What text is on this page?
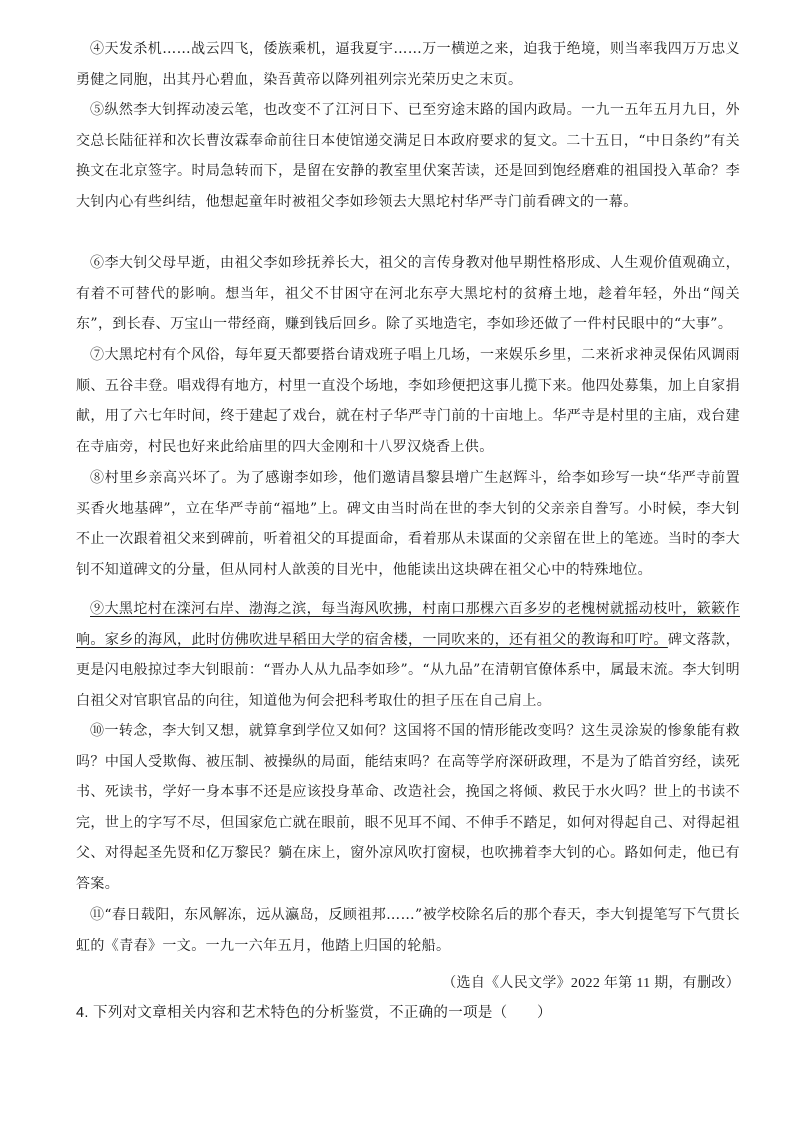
④天发杀机……战云四飞，倭族乘机，逼我夏宇……万一横逆之来，迫我于绝境，则当率我四万万忠义勇健之同胞，出其丹心碧血，染吾黄帝以降列祖列宗光荣历史之末页。

⑤纵然李大钊挥动凌云笔，也改变不了江河日下、已至穷途末路的国内政局。一九一五年五月九日，外交总长陆征祥和次长曹汝霖奉命前往日本使馆递交满足日本政府要求的复文。二十五日，“中日条约”有关换文在北京签字。时局急转而下，是留在安静的教室里伏案苦读，还是回到饱经磨难的祖国投入革命？李大钊内心有些纠结，他想起童年时被祖父李如珍领去大黑坨村华严寺门前看碑文的一幕。

⑥李大钊父母早逝，由祖父李如珍抚养长大，祖父的言传身教对他早期性格形成、人生观价值观确立，有着不可替代的影响。想当年，祖父不甘困守在河北东亭大黑坨村的贫瘠土地，趁着年轻，外出“闯关东”，到长春、万宝山一带经商，赚到钱后回乡。除了买地造宅，李如珍还做了一件村民眼中的“大事”。

⑦大黑坨村有个风俗，每年夏天都要搭台请戏班子唱上几场，一来娱乐乡里，二来祈求神灵保佑风调雨顺、五谷丰登。唱戏得有地方，村里一直没个场地，李如珍便把这事儿揽下来。他四处募集，加上自家捐献，用了六七年时间，终于建起了戏台，就在村子华严寺门前的十亩地上。华严寺是村里的主庙，戏台建在寺庙旁，村民也好来此给庙里的四大金刚和十八罗汉烧香上供。

⑧村里乡亲高兴坏了。为了感谢李如珍，他们邀请昌黎县增广生赵辉斗，给李如珍写一块“华严寺前置买香火地基碑”，立在华严寺前“福地”上。碑文由当时尚在世的李大钊的父亲亲自誊写。小时候，李大钊不止一次跟着祖父来到碑前，听着祖父的耳提面命，看着那从未谋面的父亲留在世上的笔迹。当时的李大钊不知道碑文的分量，但从同村人歆羡的目光中，他能读出这块碑在祖父心中的特殊地位。

⑨大黑坨村在滦河右岸、渤海之滨，每当海风吹拂，村南口那棵六百多岁的老槐树就摇动枝叶，簌簌作响。家乡的海风，此时仿佛吹进早稻田大学的宿舍楼，一同吹来的，还有祖父的教诲和叮咛。碑文落款，更是闪电般掠过李大钊眼前：“晋办人从九品李如珍”。“从九品”在清朝官僚体系中，属最末流。李大钊明白祖父对官职官品的向往，知道他为何会把科考取仕的担子压在自己肩上。

⑩一转念，李大钊又想，就算拿到学位又如何？这国将不国的情形能改变吗？这生灵涂炭的惨象能有救吗？中国人受欺侮、被压制、被操纵的局面，能结束吗？在高等学府深研政理，不是为了皓首穷经，读死书、死读书，学好一身本事不还是应该投身革命、改造社会，挽国之将倾、救民于水火吗？世上的书读不完，世上的字写不尽，但国家危亡就在眼前，眼不见耳不闻、不伸手不踏足，如何对得起自己、对得起祖父、对得起圣先贤和亿万黎民？躺在床上，窗外凉风吹打窗棂，也吹拂着李大钊的心。路如何走，他已有答案。

⑪“春日载阳，东风解冻，远从瀛岛，反顾祖邦……”被学校除名后的那个春天，李大钊提笔写下气贯长虹的《青春》一文。一九一六年五月，他踏上归国的轮船。

（选自《人民文学》2022 年第 11 期，有删改）
4. 下列对文章相关内容和艺术特色的分析鉴赏，不正确的一项是（　　）
